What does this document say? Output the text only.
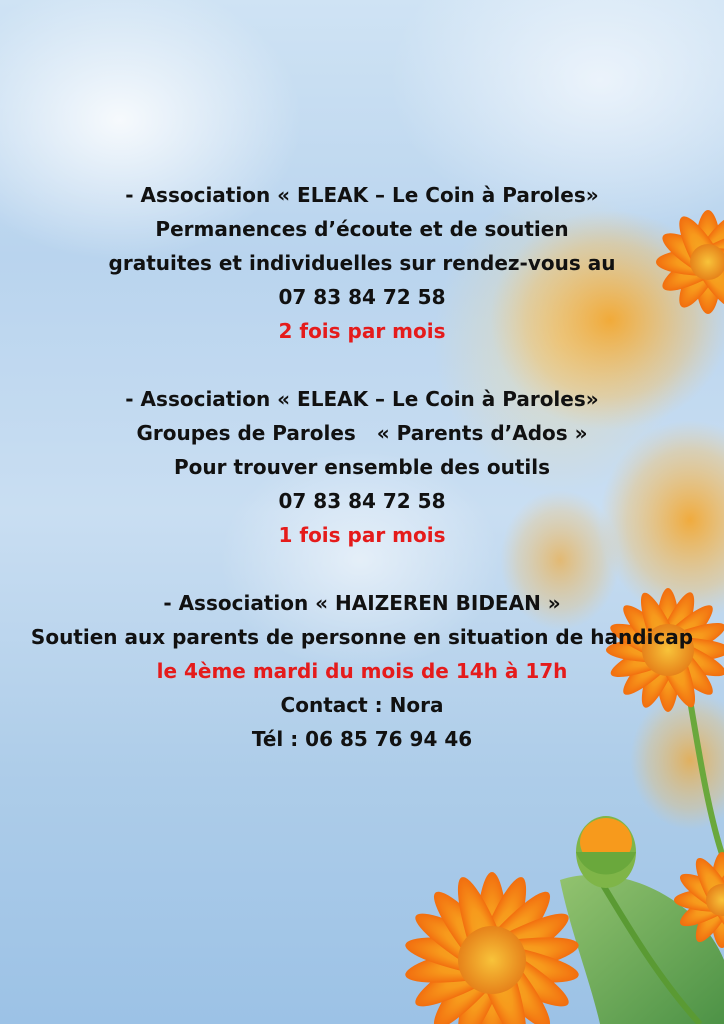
- Association « ELEAK – Le Coin à Paroles»
Permanences d’écoute et de soutien
gratuites et individuelles sur rendez-vous au
07 83 84 72 58
2 fois par mois
- Association « ELEAK – Le Coin à Paroles»
Groupes de Paroles   « Parents d’Ados »
Pour trouver ensemble des outils
07 83 84 72 58
1 fois par mois
- Association « HAIZEREN BIDEAN »
Soutien aux parents de personne en situation de handicap
le 4ème mardi du mois de 14h à 17h
Contact : Nora
Tél : 06 85 76 94 46
